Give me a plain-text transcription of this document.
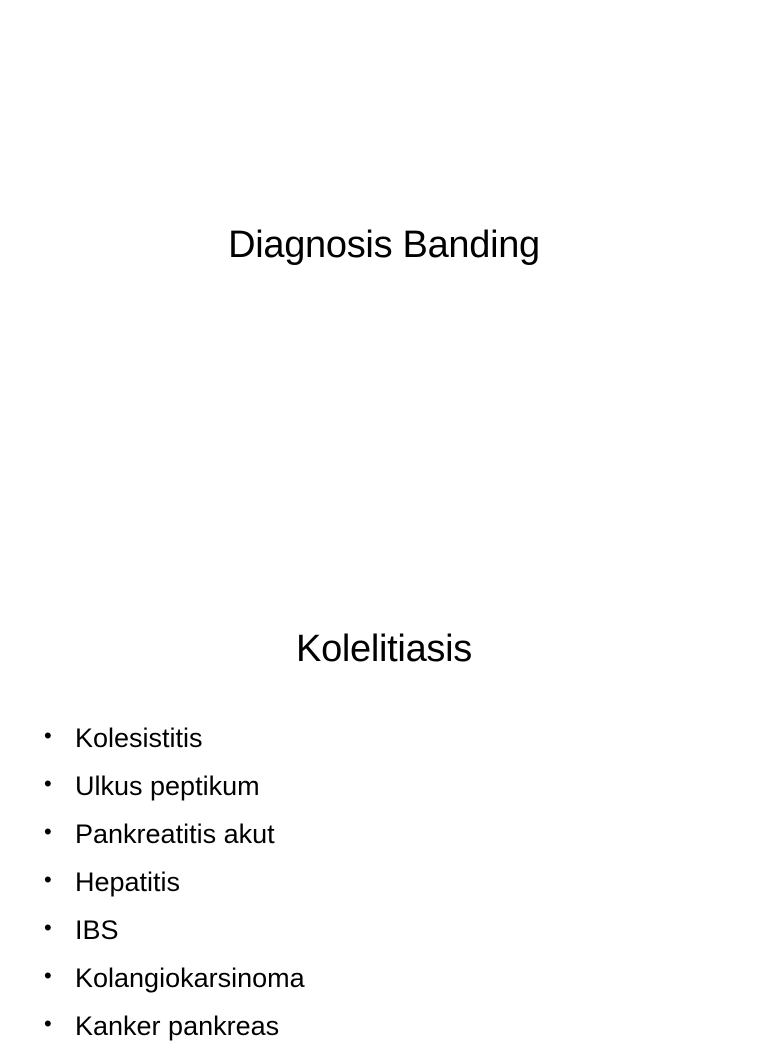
Diagnosis Banding
Kolelitiasis
• Kolesistitis
• Ulkus peptikum
• Pankreatitis akut
• Hepatitis
• IBS
• Kolangiokarsinoma
• Kanker pankreas
